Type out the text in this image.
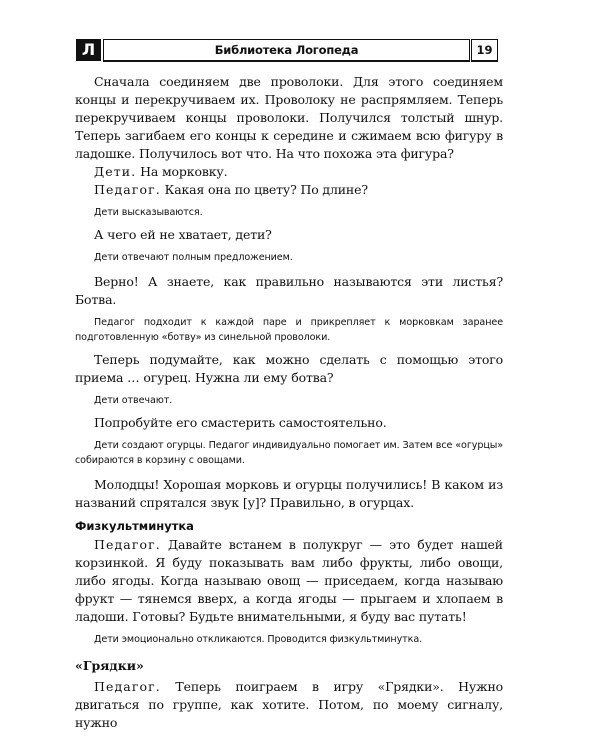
Л	Библиотека Логопеда	19

Сначала соединяем две проволоки. Для этого соединяем концы и перекручиваем их. Проволоку не распрямляем. Теперь перекручиваем концы проволоки. Получился толстый шнур. Теперь загибаем его концы к середине и сжимаем всю фигуру в ладошке. Получилось вот что. На что похожа эта фигура?

Дети. На морковку.

Педагог. Какая она по цвету? По длине?

Дети высказываются.

А чего ей не хватает, дети?

Дети отвечают полным предложением.

Верно! А знаете, как правильно называются эти листья? Ботва.

Педагог подходит к каждой паре и прикрепляет к морковкам заранее подготовленную «ботву» из синельной проволоки.

Теперь подумайте, как можно сделать с помощью этого приема … огурец. Нужна ли ему ботва?

Дети отвечают.

Попробуйте его смастерить самостоятельно.

Дети создают огурцы. Педагог индивидуально помогает им. Затем все «огурцы» собираются в корзину с овощами.

Молодцы! Хорошая морковь и огурцы получились! В каком из названий спрятался звук [у]? Правильно, в огурцах.

Физкультминутка

Педагог. Давайте встанем в полукруг — это будет нашей корзинкой. Я буду показывать вам либо фрукты, либо овощи, либо ягоды. Когда называю овощ — приседаем, когда называю фрукт — тянемся вверх, а когда ягоды — прыгаем и хлопаем в ладоши. Готовы? Будьте внимательными, я буду вас путать!

Дети эмоционально откликаются. Проводится физкультминутка.

«Грядки»

Педагог. Теперь поиграем в игру «Грядки». Нужно двигаться по группе, как хотите. Потом, по моему сигналу, нужно
